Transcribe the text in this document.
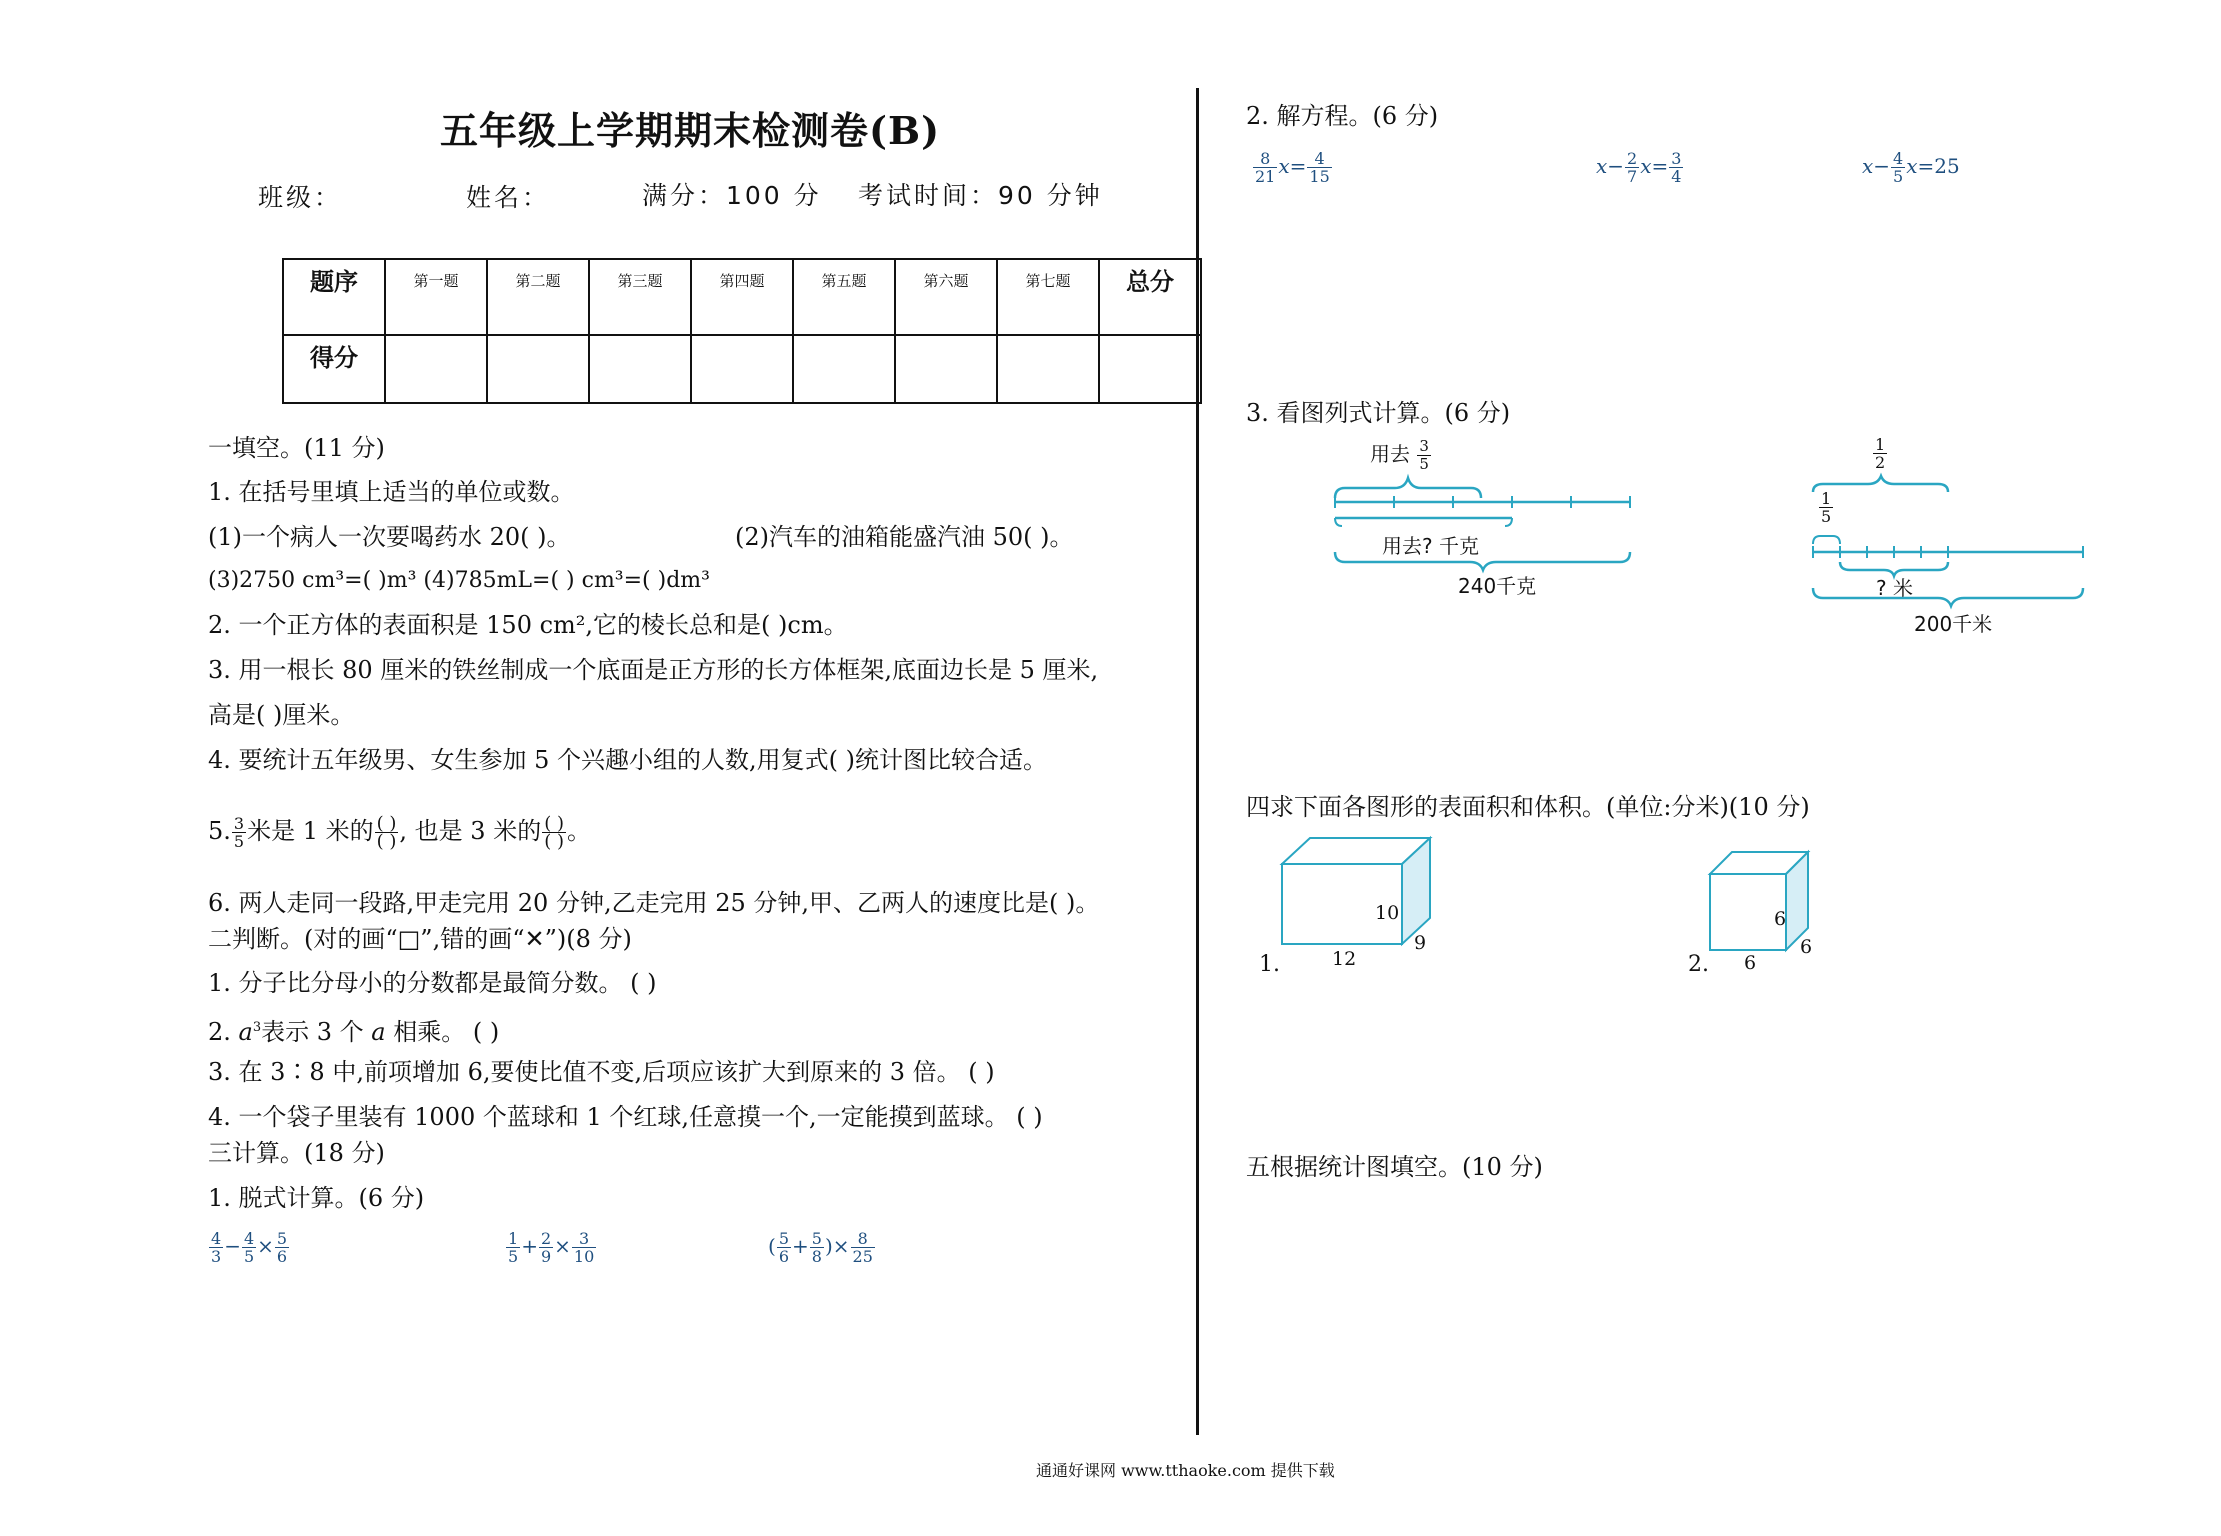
五年级上学期期末检测卷(B)
班级：	姓名：	满分：100 分 考试时间：90 分钟
题序	第一题	第二题	第三题	第四题	第五题	第六题	第七题	总分
得分								
一填空。(11 分)
1. 在括号里填上适当的单位或数。
(1)一个病人一次要喝药水 20( )。	(2)汽车的油箱能盛汽油 50( )。
(3)2750 cm³=( )m³ (4)785mL=( ) cm³=( )dm³
2. 一个正方体的表面积是 150 cm²,它的棱长总和是( )cm。
3. 用一根长 80 厘米的铁丝制成一个底面是正方形的长方体框架,底面边长是 5 厘米,
高是( )厘米。
4. 要统计五年级男、女生参加 5 个兴趣小组的人数,用复式( )统计图比较合适。
5. $\frac{3}{5}$ 米是 1 米的 ( )
( ) , 也是 3 米的 ( )
( ) 。
6. 两人走同一段路,甲走完用 20 分钟,乙走完用 25 分钟,甲、乙两人的速度比是( )。
二判断。(对的画“□”,错的画“✕”)(8 分)
1. 分子比分母小的分数都是最简分数。 ( )
2. $a^3$表示 3 个 a 相乘。 ( )
3. 在 3∶8 中,前项增加 6,要使比值不变,后项应该扩大到原来的 3 倍。 ( )
4. 一个袋子里装有 1000 个蓝球和 1 个红球,任意摸一个,一定能摸到蓝球。 ( )
三计算。(18 分)
1. 脱式计算。(6 分)
$\frac{4}{3} - \frac{4}{5} \times \frac{5}{6}$	$\frac{1}{5} + \frac{2}{9} \times \frac{3}{10}$	( $\frac{5}{6} + \frac{5}{8}$ )× $\frac{8}{25}$
2. 解方程。(6 分)
$\frac{8}{21} x= \frac{4}{15}$	$x- \frac{2}{7} x= \frac{3}{4}$	$x- \frac{4}{5} x=25$
3. 看图列式计算。(6 分)
用去 $\frac{3}{5}$
用去? 千克
240千克
$\frac{1}{2}$
$\frac{1}{5}$
? 米
200千米
四求下面各图形的表面积和体积。(单位:分米)(10 分)
1.	12
9
10
2. 6
6
6
五根据统计图填空。(10 分)
通通好课网 www.tthaoke.com 提供下载
